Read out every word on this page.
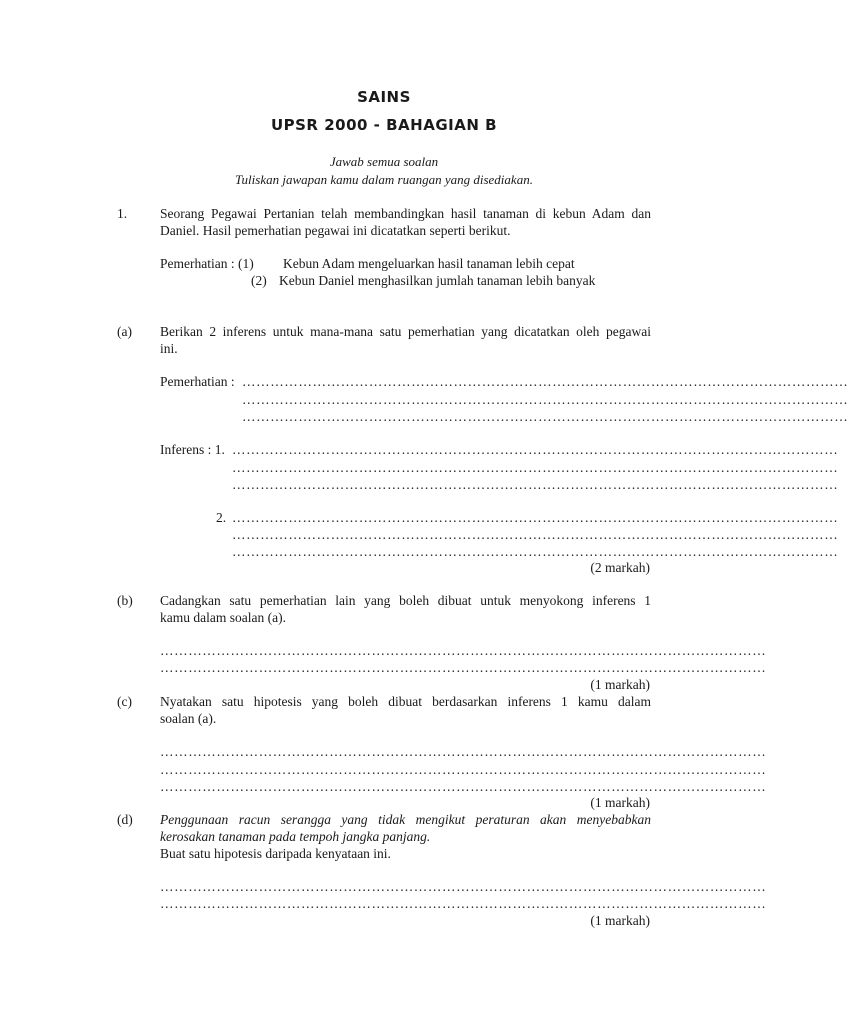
SAINS
UPSR 2000 - BAHAGIAN B
Jawab semua soalan
Tuliskan jawapan kamu dalam ruangan yang disediakan.
1. Seorang Pegawai Pertanian telah membandingkan hasil tanaman di kebun Adam dan
Daniel. Hasil pemerhatian pegawai ini dicatatkan seperti berikut.
Pemerhatian : (1) Kebun Adam mengeluarkan hasil tanaman lebih cepat
(2) Kebun Daniel menghasilkan jumlah tanaman lebih banyak
(a) Berikan 2 inferens untuk mana-mana satu pemerhatian yang dicatatkan oleh pegawai
ini.
Pemerhatian : …………………………………………………………………………………………………………………
…………………………………………………………………………………………………………………
…………………………………………………………………………………………………………………
Inferens : 1. …………………………………………………………………………………………………………………
…………………………………………………………………………………………………………………
…………………………………………………………………………………………………………………
2. …………………………………………………………………………………………………………………
…………………………………………………………………………………………………………………
…………………………………………………………………………………………………………………
(2 markah)
(b) Cadangkan satu pemerhatian lain yang boleh dibuat untuk menyokong inferens 1
kamu dalam soalan (a).
…………………………………………………………………………………………………………………
…………………………………………………………………………………………………………………
(1 markah)
(c) Nyatakan satu hipotesis yang boleh dibuat berdasarkan inferens 1 kamu dalam
soalan (a).
…………………………………………………………………………………………………………………
…………………………………………………………………………………………………………………
…………………………………………………………………………………………………………………
(1 markah)
(d) Penggunaan racun serangga yang tidak mengikut peraturan akan menyebabkan
kerosakan tanaman pada tempoh jangka panjang.
Buat satu hipotesis daripada kenyataan ini.
…………………………………………………………………………………………………………………
…………………………………………………………………………………………………………………
(1 markah)
